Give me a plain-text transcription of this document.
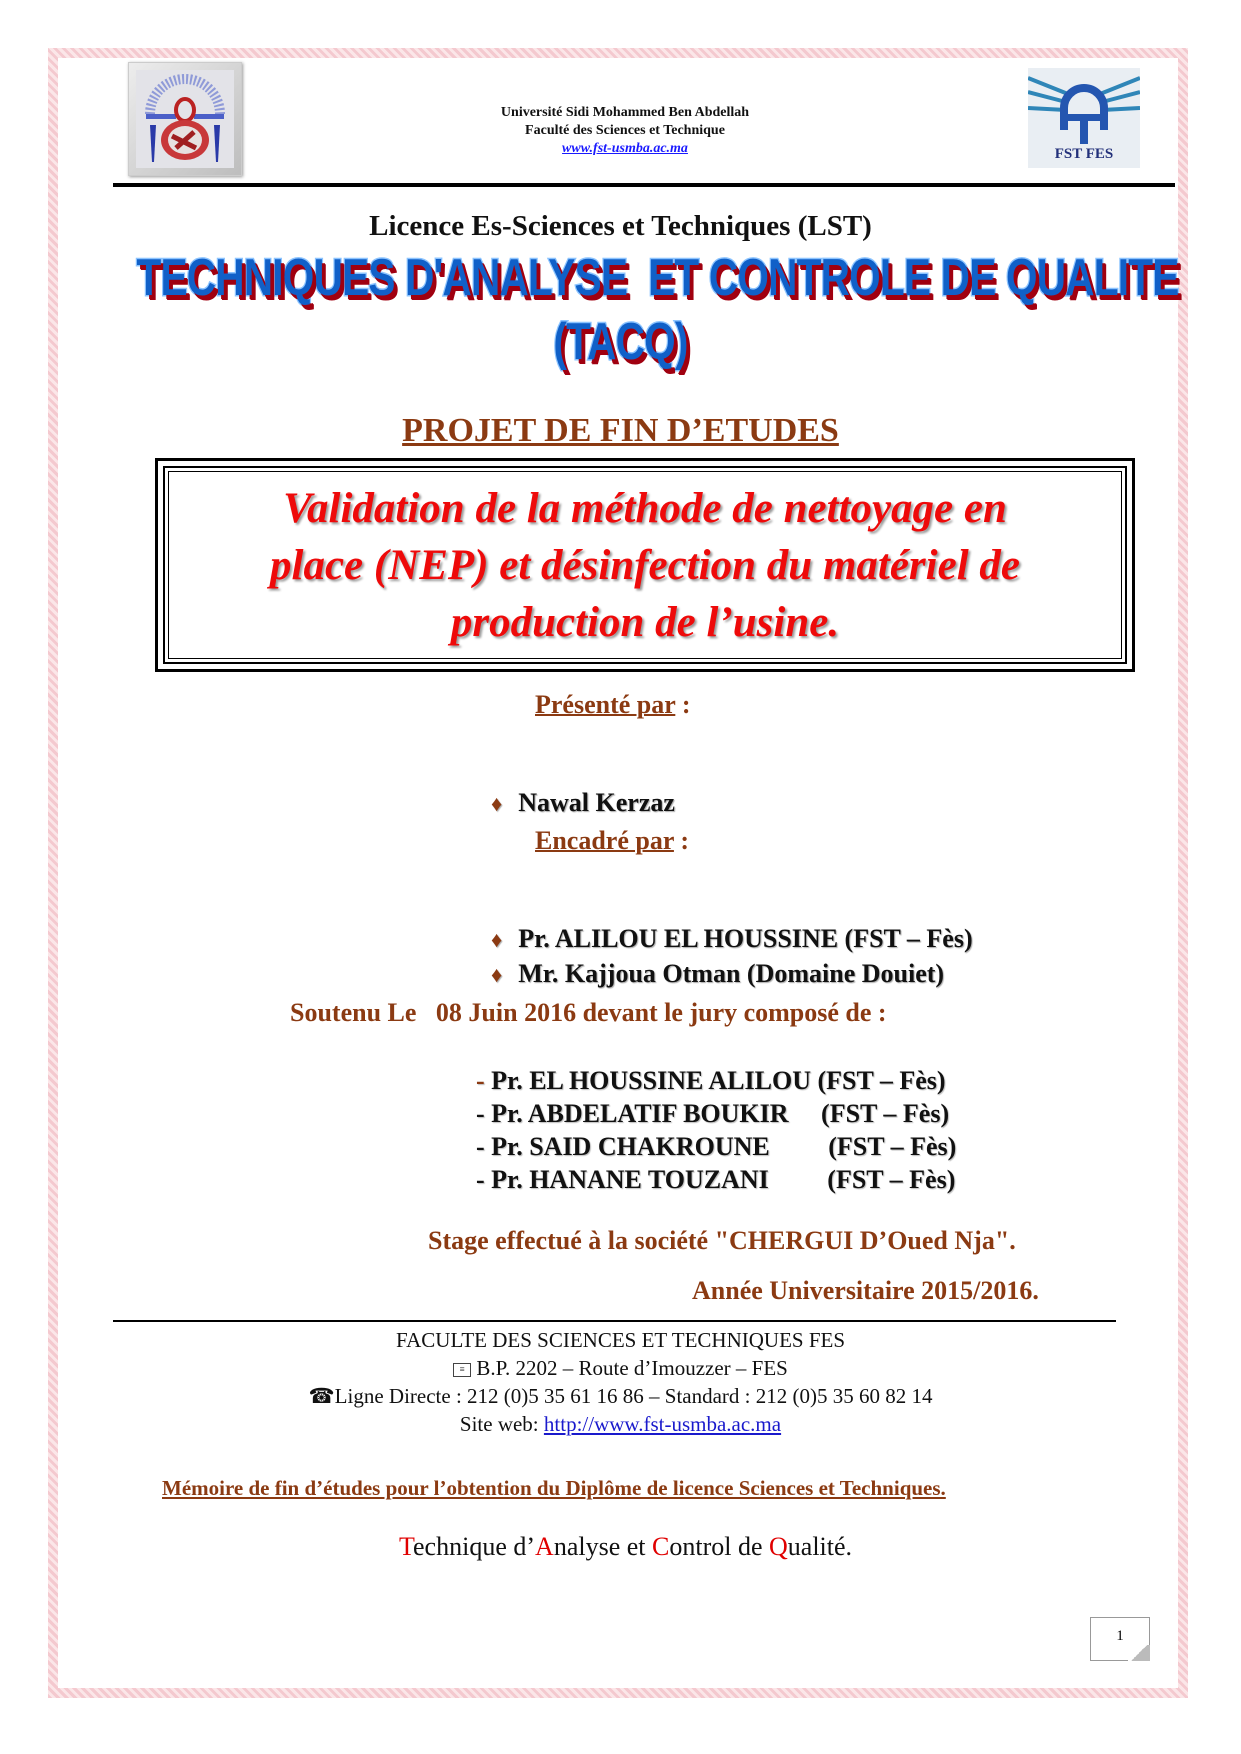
Université Sidi Mohammed Ben Abdellah
Faculté des Sciences et Technique
www.fst-usmba.ac.ma	FST FES
Licence Es-Sciences et Techniques (LST)
TECHNIQUES D'ANALYSE  ET CONTROLE DE QUALITE
(TACQ)
PROJET DE FIN D’ETUDES
Validation de la méthode de nettoyage en
place (NEP) et désinfection du matériel de
production de l’usine.
Présenté par :

♦ Nawal Kerzaz

Encadré par :

♦ Pr. ALILOU EL HOUSSINE (FST – Fès)

♦ Mr. Kajjoua Otman (Domaine Douiet)

Soutenu Le   08 Juin 2016 devant le jury composé de :
- Pr. EL HOUSSINE ALILOU (FST – Fès)
- Pr. ABDELATIF BOUKIR     (FST – Fès)
- Pr. SAID CHAKROUNE         (FST – Fès)
- Pr. HANANE TOUZANI         (FST – Fès)
Stage effectué à la société "CHERGUI D’Oued Nja".
Année Universitaire 2015/2016.
FACULTE DES SCIENCES ET TECHNIQUES FES
≡ B.P. 2202 – Route d’Imouzzer – FES
☎Ligne Directe : 212 (0)5 35 61 16 86 – Standard : 212 (0)5 35 60 82 14
Site web: http://www.fst-usmba.ac.ma
Mémoire de fin d’études pour l’obtention du Diplôme de licence Sciences et Techniques.
Technique d’Analyse et Control de Qualité.
1
